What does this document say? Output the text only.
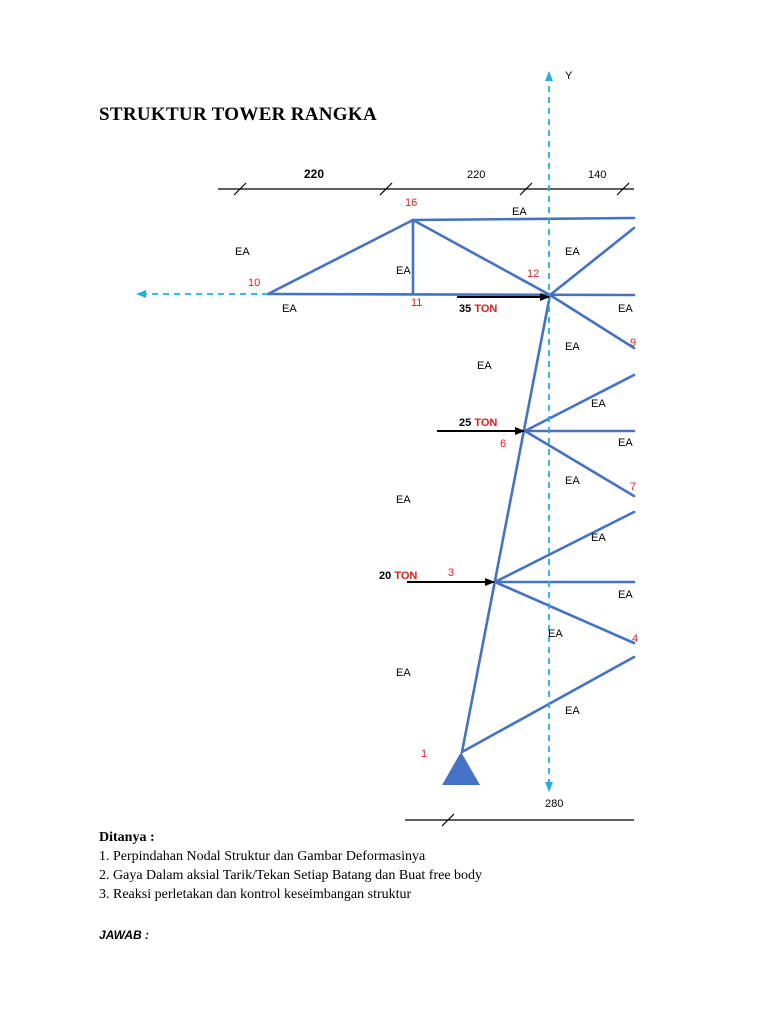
STRUKTUR TOWER RANGKA
Y
220	220	140
280
EA
EA	EA
EA
EA	EA
EA
EA
EA
EA
EA
EA
EA
EA
EA
EA
EA
16
12
10
11
9
6
7
3
4
1
35 TON
25 TON
20 TON
Ditanya :
1. Perpindahan Nodal Struktur dan Gambar Deformasinya
2. Gaya Dalam aksial Tarik/Tekan Setiap Batang dan Buat free body
3. Reaksi perletakan dan kontrol keseimbangan struktur
JAWAB :
